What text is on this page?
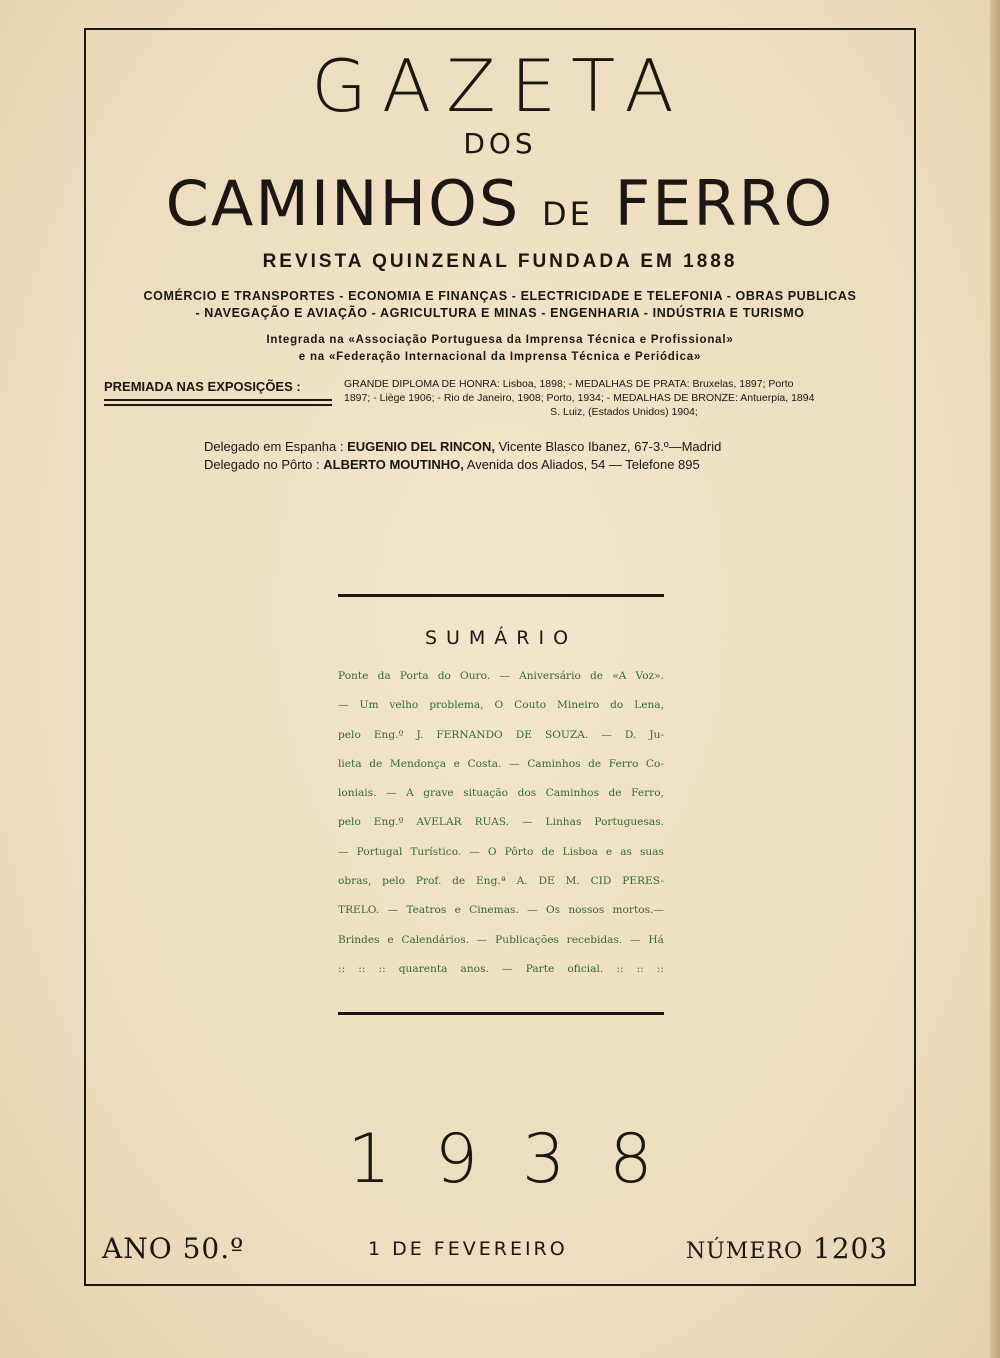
GAZETA
DOS
CAMINHOS DE FERRO
REVISTA QUINZENAL FUNDADA EM 1888
COMÉRCIO E TRANSPORTES - ECONOMIA E FINANÇAS - ELECTRICIDADE E TELEFONIA - OBRAS PUBLICAS
- NAVEGAÇÃO E AVIAÇÃO - AGRICULTURA E MINAS - ENGENHARIA - INDÚSTRIA E TURISMO
Integrada na «Associação Portuguesa da Imprensa Técnica e Profissional»
e na «Federação Internacional da Imprensa Técnica e Periódica»
PREMIADA NAS EXPOSIÇÕES :	GRANDE DIPLOMA DE HONRA: Lisboa, 1898; - MEDALHAS DE PRATA: Bruxelas, 1897; Porto
1897; - Liège 1906; - Rio de Janeiro, 1908; Porto, 1934; - MEDALHAS DE BRONZE: Antuerpia, 1894
S. Luiz, (Estados Unidos) 1904;
Delegado em Espanha : EUGENIO DEL RINCON, Vicente Blasco Ibanez, 67-3.º—Madrid
Delegado no Pôrto : ALBERTO MOUTINHO, Avenida dos Aliados, 54 — Telefone 895
SUMÁRIO
Ponte da Porta do Ouro. — Aniversário de «A Voz».
— Um velho problema, O Couto Mineiro do Lena,
pelo Eng.º J. FERNANDO DE SOUZA. — D. Ju-
lieta de Mendonça e Costa. — Caminhos de Ferro Co-
loniais. — A grave situação dos Caminhos de Ferro,
pelo Eng.º AVELAR RUAS. — Linhas Portuguesas.
— Portugal Turístico. — O Pôrto de Lisboa e as suas
obras, pelo Prof. de Eng.ª A. DE M. CID PERES-
TRELO. — Teatros e Cinemas. — Os nossos mortos.—
Brindes e Calendários. — Publicações recebidas. — Há
:: :: :: quarenta anos. — Parte oficial. :: :: ::
1938
ANO 50.º	1 DE FEVEREIRO	NÚMERO 1203
